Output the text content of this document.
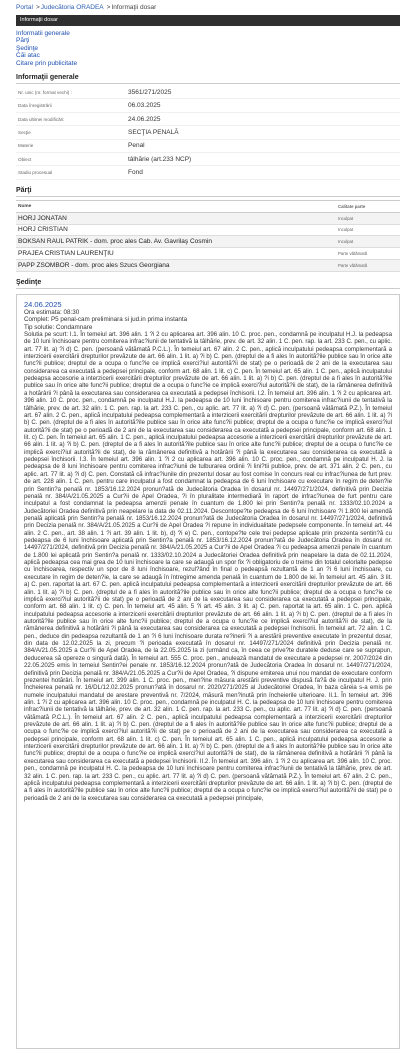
Portal >Judecătoria ORADEA >Informaţii dosar
Informaţii dosar
Informatii generale
Părţi
Şedinţe
Căi atac
Citare prin publicitate
Informaţii generale
Nr. unic (nr. format vechi) :	3561/271/2025
Data înregistrării	06.03.2025
Data ultimei modificări:	24.06.2025
Secţie	SECŢIA PENALĂ
Materie	Penal
Obiect	tâlhărie (art.233 NCP)
Stadiu procesual	Fond
Părţi
Nume	Calitate parte
HORJ JONATAN	Inculpat
HORJ CRISTIAN	Inculpat
BOKSAN RAUL PATRIK - dom. proc ales Cab. Av. Gavrilaş Cosmin	Inculpat
PRAJEA CRISTIAN LAURENŢIU	Parte vătămată
PAPP ZSOMBOR - dom. proc ales Szucs Georgiana	Parte vătămată
Şedinţe
24.06.2025
Ora estimata: 08:30
Complet: P5 penal-cam preliminara si jud.in prima instanta
Tip solutie: Condamnare
Solutia pe scurt: I.1. În temeiul art. 396 alin. 1 ?i 2 cu aplicarea art. 396 alin. 10 C. proc. pen., condamnă pe inculpatul H.J. la pedeapsa de 10 luni închisoare pentru comiterea infrac?iunii de tentativă la tâlhărie, prev. de art. 32 alin. 1 C. pen. rap. la art. 233 C. pen., cu aplic. art. 77 lit. a) ?i d) C. pen. (persoană vătămată P.C.L.). În temeiul art. 67 alin. 2 C. pen., aplică inculpatului pedeapsa complementară a interzicerii exercitării drepturilor prevăzute de art. 66 alin. 1 lit. a) ?i b) C. pen. (dreptul de a fi ales în autorită?ile publice sau în orice alte func?ii publice; dreptul de a ocupa o func?ie ce implică exerci?iul autorită?ii de stat) pe o perioadă de 2 ani de la executarea sau considerarea ca executată a pedepsei principale, conform art. 68 alin. 1 lit. c) C. pen. În temeiul art. 65 alin. 1 C. pen., aplică inculpatului pedeapsa accesorie a interzicerii exercitării drepturilor prevăzute de art. 66 alin. 1 lit. a) ?i b) C. pen. (dreptul de a fi ales în autorită?ile publice sau în orice alte func?ii publice; dreptul de a ocupa o func?ie ce implică exerci?iul autorită?ii de stat), de la rămânerea definitivă a hotărârii ?i până la executarea sau considerarea ca executată a pedepsei închisorii. I.2. În temeiul art. 396 alin. 1 ?i 2 cu aplicarea art. 396 alin. 10 C. proc. pen., condamnă pe inculpatul H.J. la pedeapsa de 10 luni închisoare pentru comiterea infrac?iunii de tentativă la tâlhărie, prev. de art. 32 alin. 1 C. pen. rap. la art. 233 C. pen., cu aplic. art. 77 lit. a) ?i d) C. pen. (persoană vătămată P.Z.). În temeiul art. 67 alin. 2 C. pen., aplică inculpatului pedeapsa complementară a interzicerii exercitării drepturilor prevăzute de art. 66 alin. 1 lit. a) ?i b) C. pen. (dreptul de a fi ales în autorită?ile publice sau în orice alte func?ii publice; dreptul de a ocupa o func?ie ce implică exerci?iul autorită?ii de stat) pe o perioadă de 2 ani de la executarea sau considerarea ca executată a pedepsei principale, conform art. 68 alin. 1 lit. c) C. pen. În temeiul art. 65 alin. 1 C. pen., aplică inculpatului pedeapsa accesorie a interzicerii exercitării drepturilor prevăzute de art. 66 alin. 1 lit. a) ?i b) C. pen. (dreptul de a fi ales în autorită?ile publice sau în orice alte func?ii publice; dreptul de a ocupa o func?ie ce implică exerci?iul autorită?ii de stat), de la rămânerea definitivă a hotărârii ?i până la executarea sau considerarea ca executată a pedepsei închisorii. I.3. În temeiul art. 396 alin. 1 ?i 2 cu aplicarea art. 396 alin. 10 C. proc. pen., condamnă pe inculpatul H. J. la pedeapsa de 8 luni închisoare pentru comiterea infrac?iunii de tulburarea ordinii ?i lini?tii publice, prev. de art. 371 alin. 2 C. pen., cu aplic. art. 77 lit. a) ?i d) C. pen. Constată că infrac?iunile din prezentul dosar au fost comise în concurs real cu infrac?iunea de furt prev. de art. 228 alin. 1 C. pen. pentru care inculpatul a fost condamnat la pedeapsa de 6 luni închisoare cu executare în regim de deten?ie prin Sentin?a penală nr. 1853/16.12.2024 pronun?ată de Judecătoria Oradea în dosarul nr. 14497/271/2024, definitivă prin Decizia penală nr. 384/A/21.05.2025 a Cur?ii de Apel Oradea, ?i în pluralitate intermediară în raport de infrac?iunea de furt pentru care inculpatul a fost condamnat la pedeapsa amenzii penale în cuantum de 1.800 lei prin Sentin?a penală nr. 1333/02.10.2024 a Judecătoriei Oradea definitivă prin neapelare la data de 02.11.2024. Descontope?te pedeapsa de 6 luni închisoare ?i 1.800 lei amendă penală aplicată prin Sentin?a penală nr. 1853/16.12.2024 pronun?ată de Judecătoria Oradea în dosarul nr. 14497/271/2024, definitivă prin Decizia penală nr. 384/A/21.05.2025 a Cur?ii de Apel Oradea ?i repune în individualitate pedepsele componente. În temeiul art. 44 alin. 2 C. pen., art. 38 alin. 1 ?i art. 39 alin. 1 lit. b), d) ?i e) C. pen., contope?te cele trei pedepse aplicate prin prezenta sentin?ă cu pedeapsa de 6 luni închisoare aplicată prin Sentin?a penală nr. 1853/16.12.2024 pronun?ată de Judecătoria Oradea în dosarul nr. 14497/271/2024, definitivă prin Decizia penală nr. 384/A/21.05.2025 a Cur?ii de Apel Oradea ?i cu pedeapsa amenzii penale în cuantum de 1.800 lei aplicată prin Sentin?a penală nr. 1333/02.10.2024 a Judecătoriei Oradea definitivă prin neapelare la data de 02.11.2024, aplică pedeapsa cea mai grea de 10 luni închisoare la care se adaugă un spor fix ?i obligatoriu de o treime din totalul celorlalte pedepse cu închisoarea, respectiv un spor de 8 luni închisoare, rezul?ând în final o pedeapsă rezultantă de 1 an ?i 6 luni închisoare, cu executare în regim de deten?ie, la care se adaugă în întregime amenda penală în cuantum de 1.800 de lei. În temeiul art. 45 alin. 3 lit. a) C. pen. raportat la art. 67 C. pen. aplică inculpatului pedeapsa complementară a interzicerii exercitării drepturilor prevăzute de art. 66 alin. 1 lit. a) ?i b) C. pen. (dreptul de a fi ales în autorită?ile publice sau în orice alte func?ii publice; dreptul de a ocupa o func?ie ce implică exerci?iul autorită?ii de stat) pe o perioadă de 2 ani de la executarea sau considerarea ca executată a pedepsei principale, conform art. 68 alin. 1 lit. c) C. pen. În temeiul art. 45 alin. 5 ?i art. 45 alin. 3 lit. a) C. pen. raportat la art. 65 alin. 1 C. pen. aplică inculpatului pedeapsa accesorie a interzicerii exercitării drepturilor prevăzute de art. 66 alin. 1 lit. a) ?i b) C. pen. (dreptul de a fi ales în autorită?ile publice sau în orice alte func?ii publice; dreptul de a ocupa o func?ie ce implică exerci?iul autorită?ii de stat), de la rămânerea definitivă a hotărârii ?i până la executarea sau considerarea ca executată a pedepsei închisorii. În temeiul art. 72 alin. 1 C. pen., deduce din pedeapsa rezultantă de 1 an ?i 6 luni închisoare durata re?inerii ?i a arestării preventive executate în prezentul dosar, din data de 12.02.2025 la zi, precum ?i perioada executată în dosarul nr. 14497/271/2024 definitivă prin Decizia penală nr. 384/A/21.05.2025 a Cur?ii de Apel Oradea, de la 22.05.2025 la zi (urmând ca, în ceea ce prive?te duratele deduse care se suprapun, deducerea să opereze o singură dată). În temeiul art. 555 C. proc. pen., anulează mandatul de executare a pedepsei nr. 2007/2024 din 22.05.2025 emis în temeiul Sentin?ei penale nr. 1853/16.12.2024 pronun?ată de Judecătoria Oradea în dosarul nr. 14497/271/2024, definitivă prin Decizia penală nr. 384/A/21.05.2025 a Cur?ii de Apel Oradea, ?i dispune emiterea unui nou mandat de executare conform prezentei hotărâri. În temeiul art. 399 alin. 1 C. proc. pen., men?ine măsura arestării preventive dispusă fa?ă de inculpatul H. J. prin Încheierea penală nr. 16/DL/12.02.2025 pronun?ată în dosarul nr. 2020/271/2025 al Judecătoriei Oradea, în baza căreia s-a emis pe numele inculpatului mandatul de arestare preventivă nr. 7/2024, măsură men?inută prin încheierile ulterioare. II.1. În temeiul art. 396 alin. 1 ?i 2 cu aplicarea art. 396 alin. 10 C. proc. pen., condamnă pe inculpatul H. C. la pedeapsa de 10 luni închisoare pentru comiterea infrac?iunii de tentativă la tâlhărie, prev. de art. 32 alin. 1 C. pen. rap. la art. 233 C. pen., cu aplic. art. 77 lit. a) ?i d) C. pen. (persoană vătămată P.C.L.). În temeiul art. 67 alin. 2 C. pen., aplică inculpatului pedeapsa complementară a interzicerii exercitării drepturilor prevăzute de art. 66 alin. 1 lit. a) ?i b) C. pen. (dreptul de a fi ales în autorită?ile publice sau în orice alte func?ii publice; dreptul de a ocupa o func?ie ce implică exerci?iul autorită?ii de stat) pe o perioadă de 2 ani de la executarea sau considerarea ca executată a pedepsei principale, conform art. 68 alin. 1 lit. c) C. pen. În temeiul art. 65 alin. 1 C. pen., aplică inculpatului pedeapsa accesorie a interzicerii exercitării drepturilor prevăzute de art. 66 alin. 1 lit. a) ?i b) C. pen. (dreptul de a fi ales în autorită?ile publice sau în orice alte func?ii publice; dreptul de a ocupa o func?ie ce implică exerci?iul autorită?ii de stat), de la rămânerea definitivă a hotărârii ?i până la executarea sau considerarea ca executată a pedepsei închisorii. II.2. În temeiul art. 396 alin. 1 ?i 2 cu aplicarea art. 396 alin. 10 C. proc. pen., condamnă pe inculpatul H. C. la pedeapsa de 10 luni închisoare pentru comiterea infrac?iunii de tentativă la tâlhărie, prev. de art. 32 alin. 1 C. pen. rap. la art. 233 C. pen., cu aplic. art. 77 lit. a) ?i d) C. pen. (persoană vătămată P.Z.). În temeiul art. 67 alin. 2 C. pen., aplică inculpatului pedeapsa complementară a interzicerii exercitării drepturilor prevăzute de art. 66 alin. 1 lit. a) ?i b) C. pen. (dreptul de a fi ales în autorită?ile publice sau în orice alte func?ii publice; dreptul de a ocupa o func?ie ce implică exerci?iul autorită?ii de stat) pe o perioadă de 2 ani de la executarea sau considerarea ca executată a pedepsei principale,
